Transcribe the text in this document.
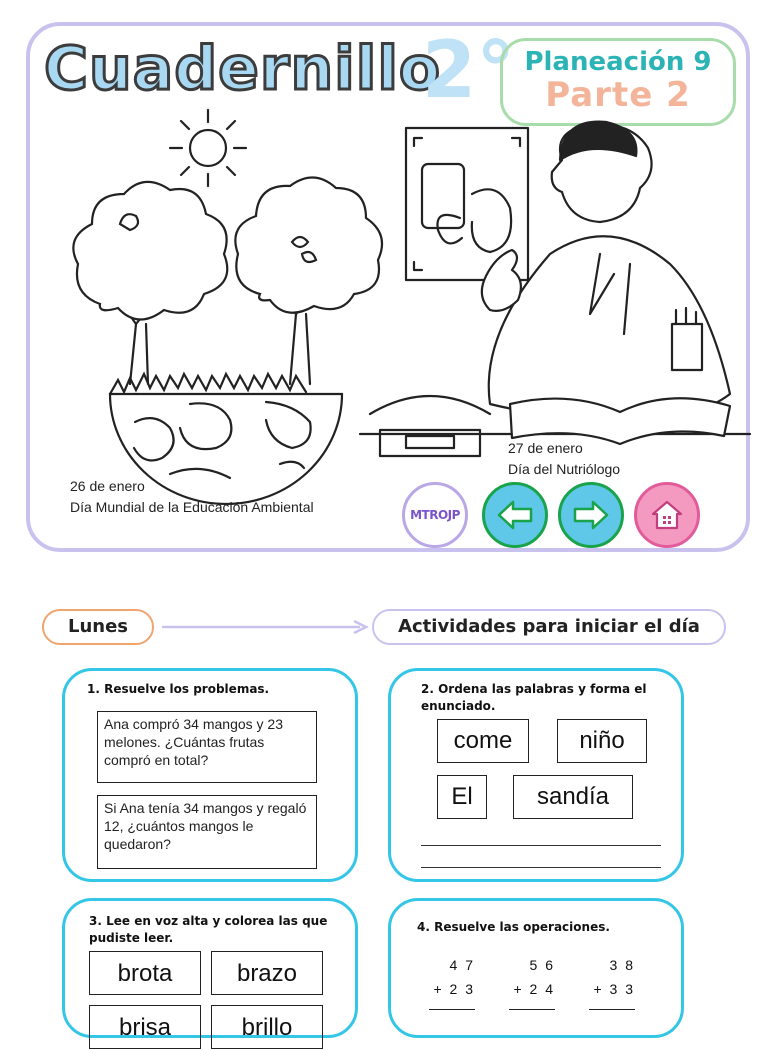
Cuadernillo
2° Planeación 9
Parte 2
26 de enero
Día Mundial de la Educación Ambiental
27 de enero
Día del Nutriólogo
MTROJP
Lunes	Actividades para iniciar el día
1. Resuelve los problemas.
Ana compró 34 mangos y 23 melones. ¿Cuántas frutas compró en total?
Si Ana tenía 34 mangos y regaló 12, ¿cuántos mangos le quedaron?
2. Ordena las palabras y forma el enunciado.
come	niño
El	sandía
3. Lee en voz alta y colorea las que pudiste leer.
brota	brazo
brisa	brillo
4. Resuelve las operaciones.
4 7
+ 2 3
5 6
+ 2 4
3 8
+ 3 3
